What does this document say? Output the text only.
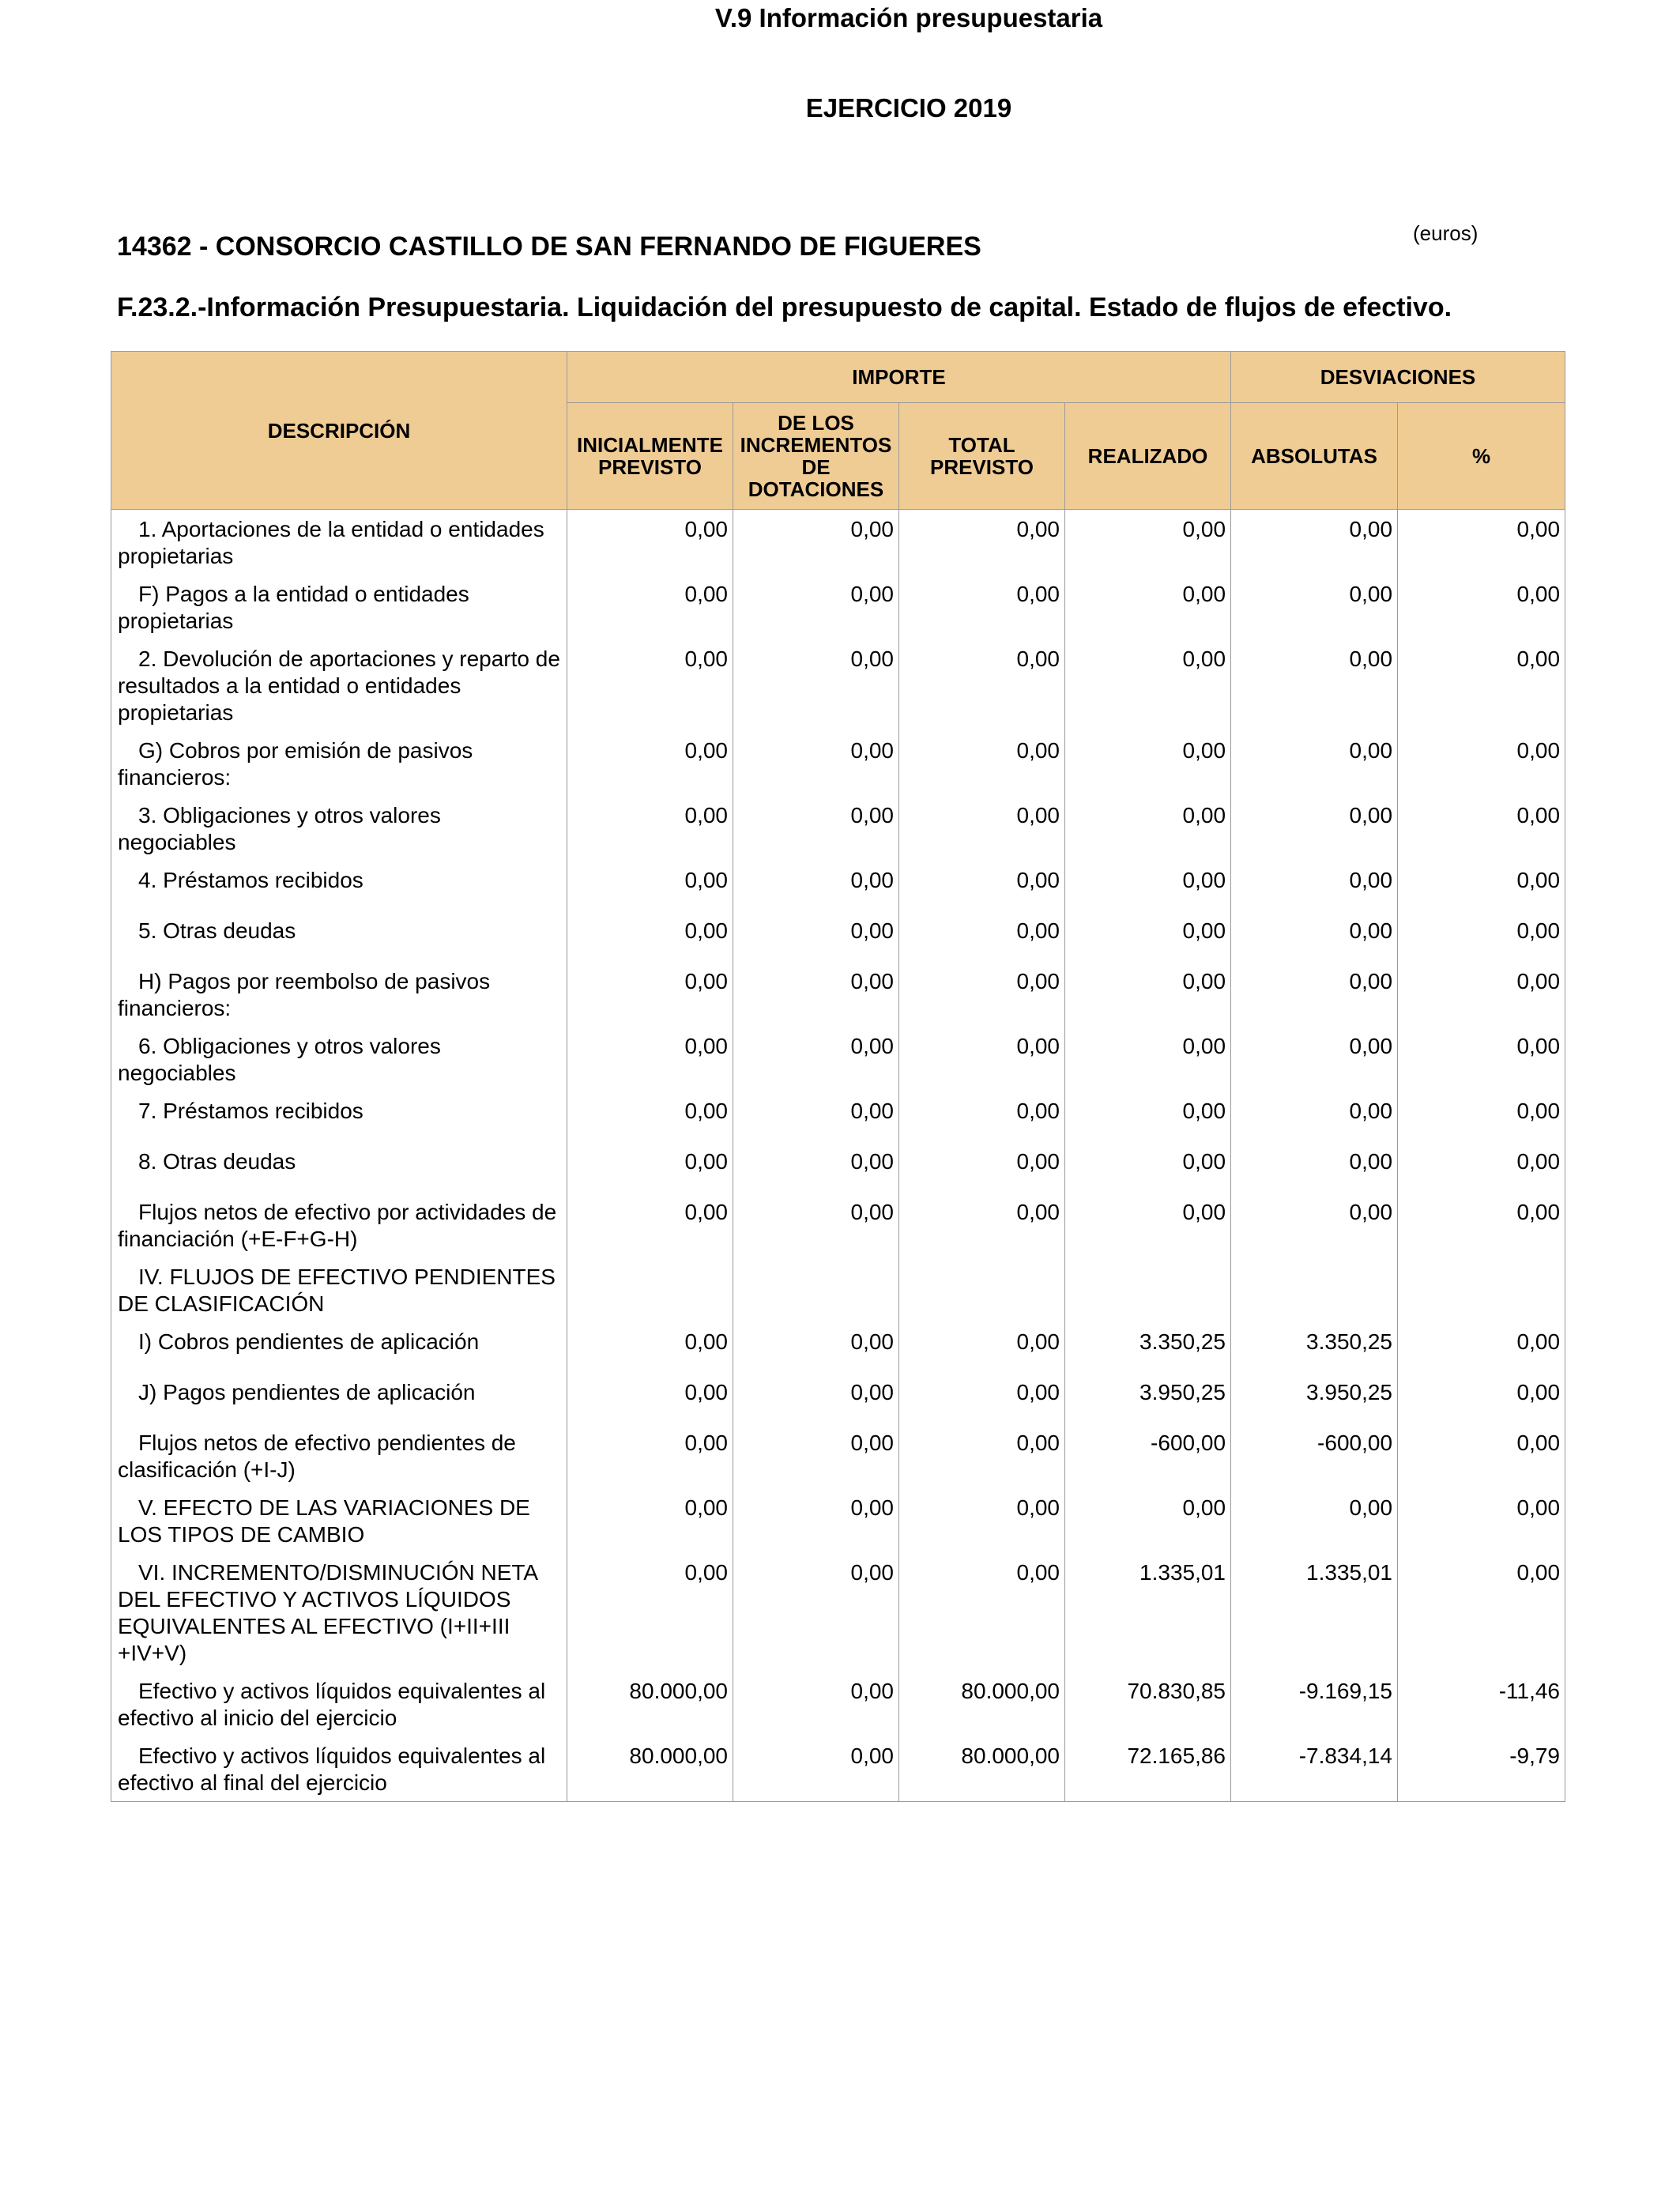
V.9 Información presupuestaria
EJERCICIO 2019
(euros)
14362 - CONSORCIO CASTILLO DE SAN FERNANDO DE FIGUERES
F.23.2.-Información Presupuestaria. Liquidación del presupuesto de capital. Estado de flujos de efectivo.
DESCRIPCIÓN	IMPORTE				DESVIACIONES	
	INICIALMENTE PREVISTO	DE LOS INCREMENTOS DE DOTACIONES	TOTAL PREVISTO	REALIZADO	ABSOLUTAS	%
1. Aportaciones de la entidad o entidades propietarias	0,00	0,00	0,00	0,00	0,00	0,00
F) Pagos a la entidad o entidades propietarias	0,00	0,00	0,00	0,00	0,00	0,00
2. Devolución de aportaciones y reparto de resultados a la entidad o entidades propietarias	0,00	0,00	0,00	0,00	0,00	0,00
G) Cobros por emisión de pasivos financieros:	0,00	0,00	0,00	0,00	0,00	0,00
3. Obligaciones y otros valores negociables	0,00	0,00	0,00	0,00	0,00	0,00
4. Préstamos recibidos	0,00	0,00	0,00	0,00	0,00	0,00
5. Otras deudas	0,00	0,00	0,00	0,00	0,00	0,00
H) Pagos por reembolso de pasivos financieros:	0,00	0,00	0,00	0,00	0,00	0,00
6. Obligaciones y otros valores negociables	0,00	0,00	0,00	0,00	0,00	0,00
7. Préstamos recibidos	0,00	0,00	0,00	0,00	0,00	0,00
8. Otras deudas	0,00	0,00	0,00	0,00	0,00	0,00
Flujos netos de efectivo por actividades de financiación (+E-F+G-H)	0,00	0,00	0,00	0,00	0,00	0,00
IV. FLUJOS DE EFECTIVO PENDIENTES DE CLASIFICACIÓN						
I) Cobros pendientes de aplicación	0,00	0,00	0,00	3.350,25	3.350,25	0,00
J) Pagos pendientes de aplicación	0,00	0,00	0,00	3.950,25	3.950,25	0,00
Flujos netos de efectivo pendientes de clasificación (+I-J)	0,00	0,00	0,00	-600,00	-600,00	0,00
V. EFECTO DE LAS VARIACIONES DE LOS TIPOS DE CAMBIO	0,00	0,00	0,00	0,00	0,00	0,00
VI. INCREMENTO/DISMINUCIÓN NETA DEL EFECTIVO Y ACTIVOS LÍQUIDOS EQUIVALENTES AL EFECTIVO (I+II+III +IV+V)	0,00	0,00	0,00	1.335,01	1.335,01	0,00
Efectivo y activos líquidos equivalentes al efectivo al inicio del ejercicio	80.000,00	0,00	80.000,00	70.830,85	-9.169,15	-11,46
Efectivo y activos líquidos equivalentes al efectivo al final del ejercicio	80.000,00	0,00	80.000,00	72.165,86	-7.834,14	-9,79
